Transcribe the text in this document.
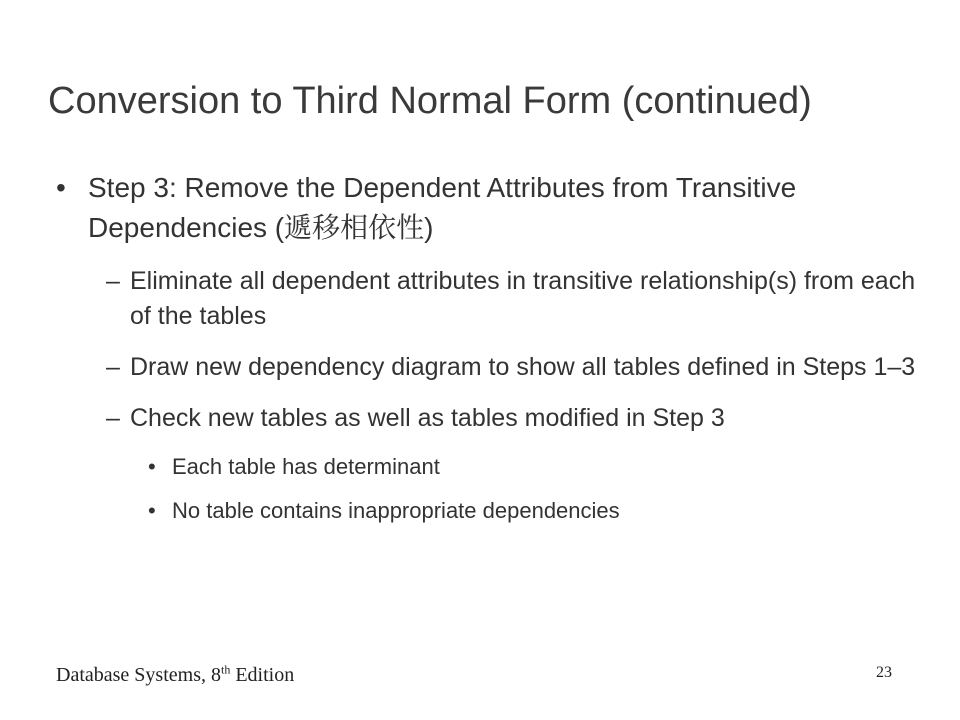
Conversion to Third Normal Form (continued)
• Step 3: Remove the Dependent Attributes from Transitive Dependencies (遞移相依性)
– Eliminate all dependent attributes in transitive relationship(s) from each of the tables
– Draw new dependency diagram to show all tables defined in Steps 1–3
– Check new tables as well as tables modified in Step 3
• Each table has determinant
• No table contains inappropriate dependencies
Database Systems, 8th Edition	23
